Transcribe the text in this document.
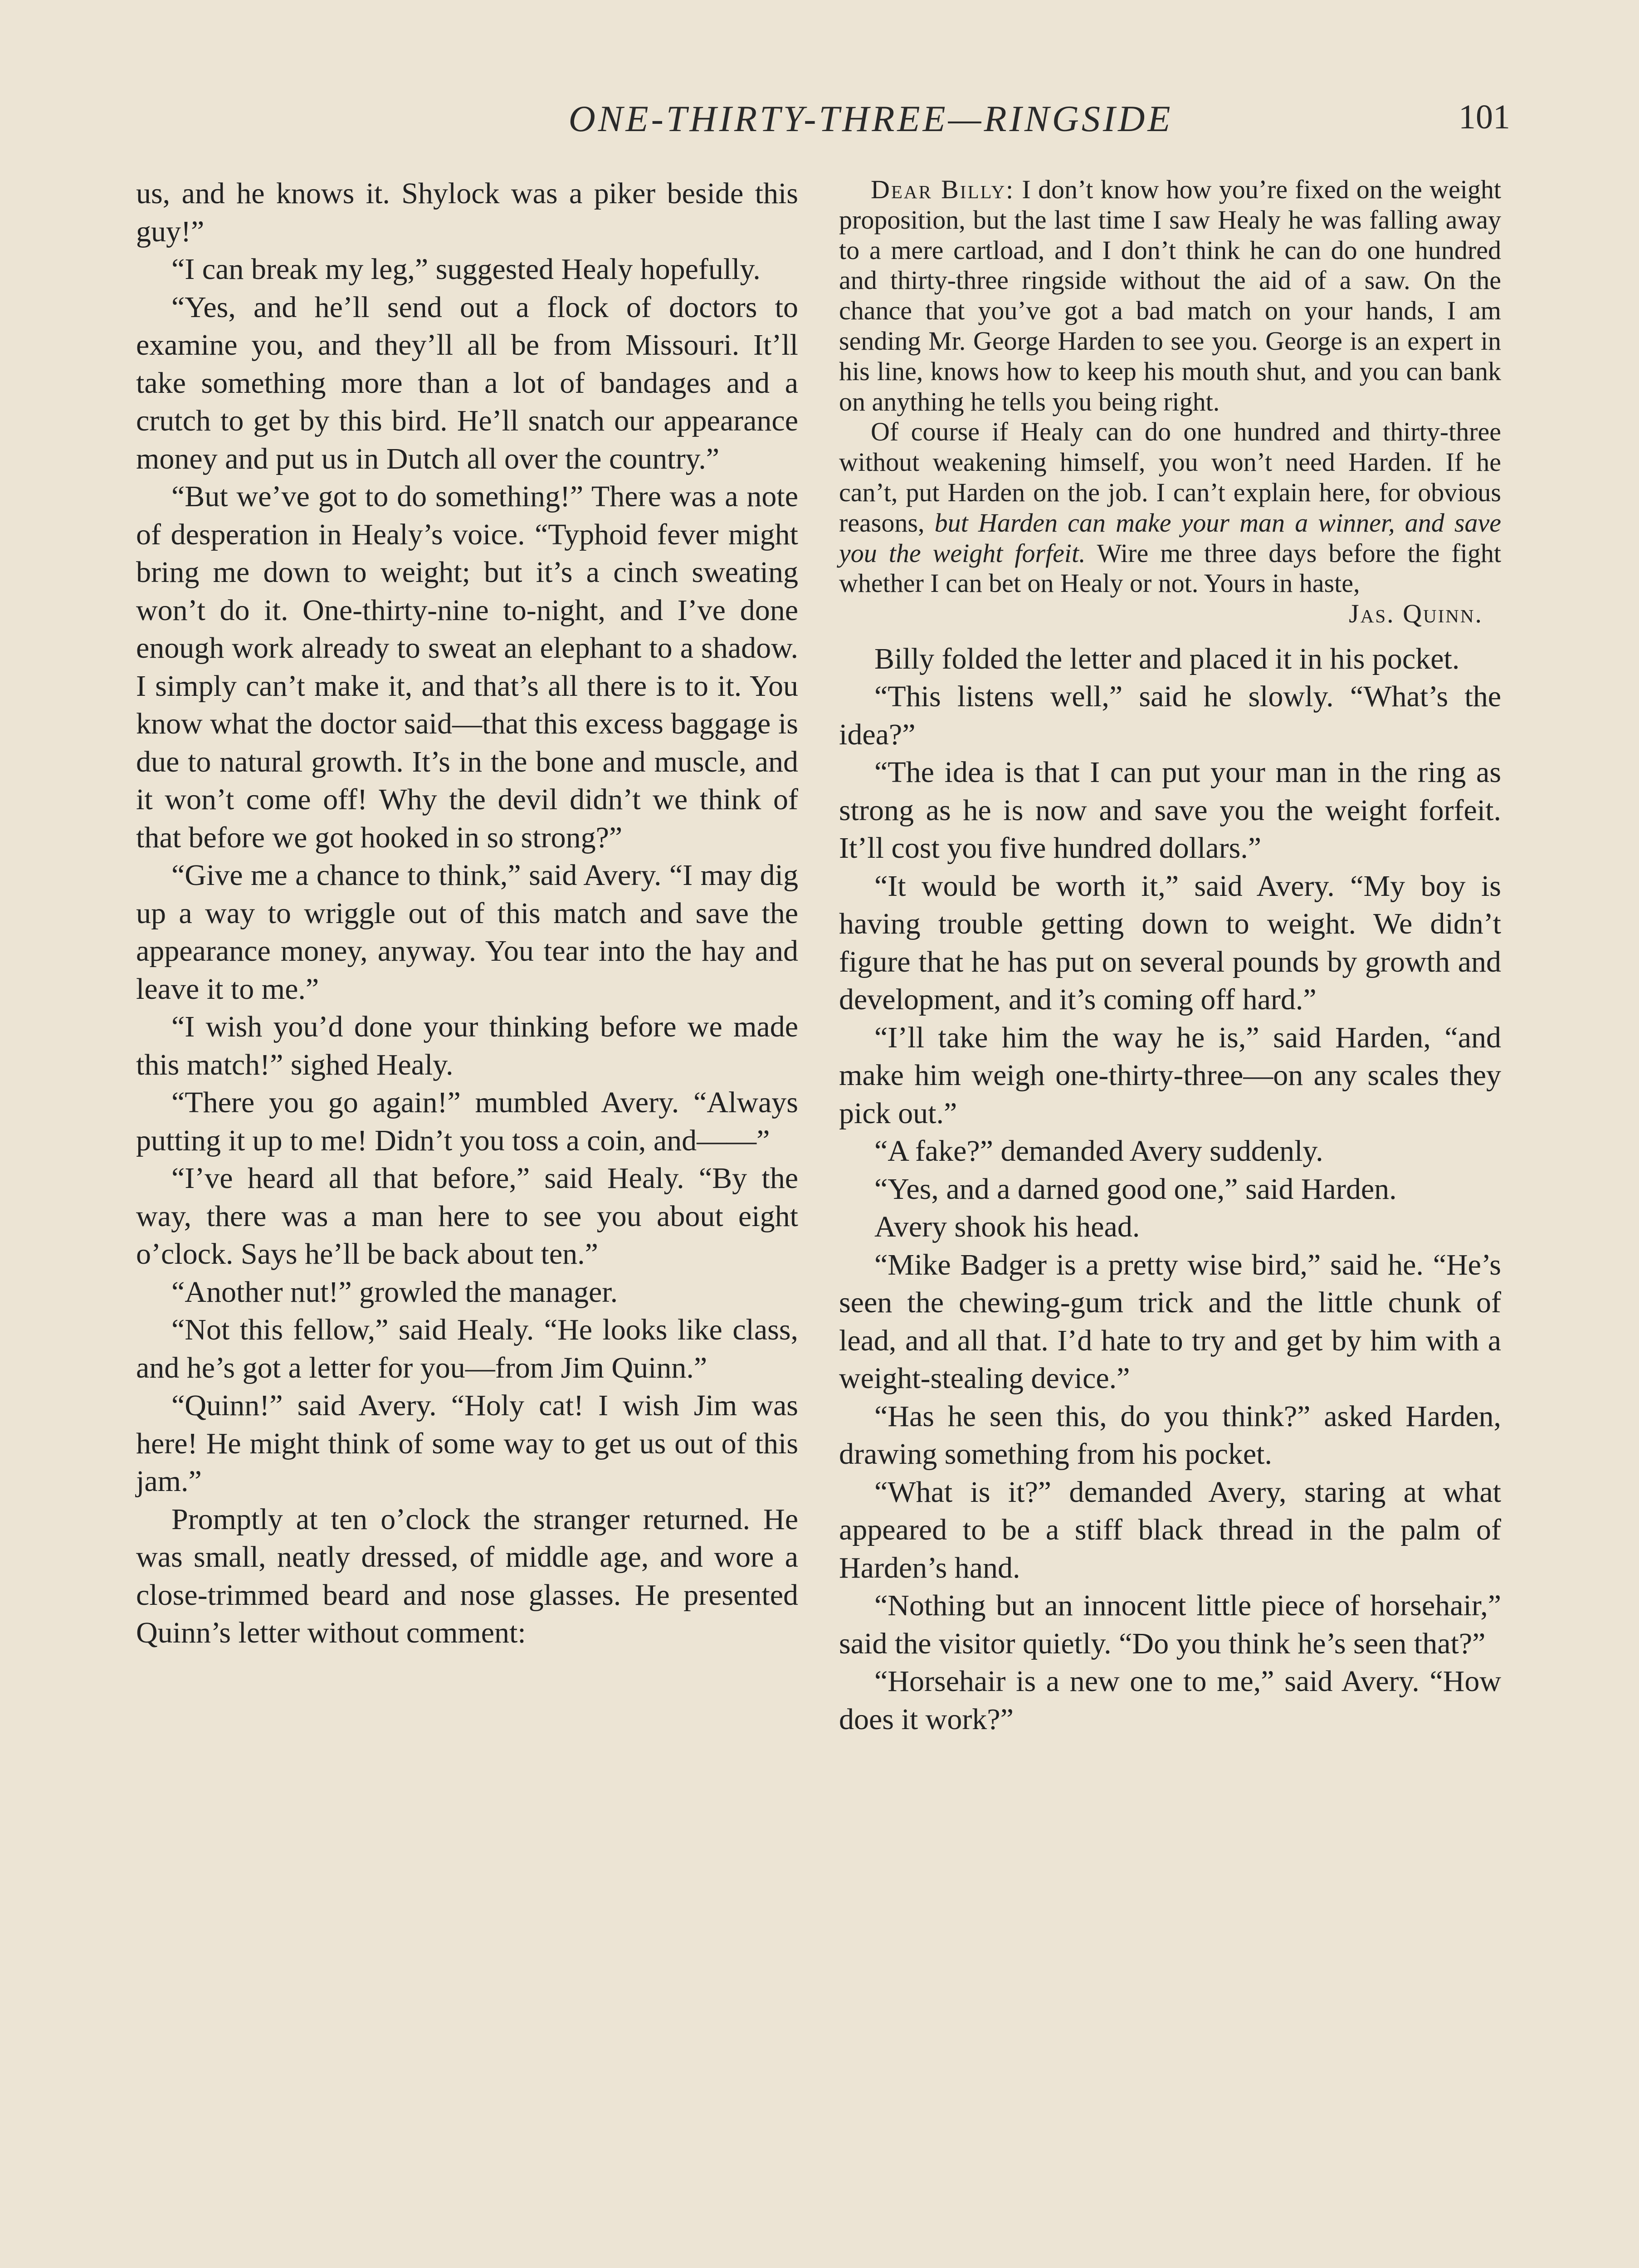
ONE-THIRTY-THREE—RINGSIDE	101

us, and he knows it. Shylock was a piker beside this guy!”

“I can break my leg,” suggested Healy hopefully.

“Yes, and he’ll send out a flock of doctors to examine you, and they’ll all be from Missouri. It’ll take something more than a lot of bandages and a crutch to get by this bird. He’ll snatch our appearance money and put us in Dutch all over the country.”

“But we’ve got to do something!” There was a note of desperation in Healy’s voice. “Typhoid fever might bring me down to weight; but it’s a cinch sweating won’t do it. One-thirty-nine to-night, and I’ve done enough work already to sweat an elephant to a shadow. I simply can’t make it, and that’s all there is to it. You know what the doctor said—that this excess baggage is due to natural growth. It’s in the bone and muscle, and it won’t come off! Why the devil didn’t we think of that before we got hooked in so strong?”

“Give me a chance to think,” said Avery. “I may dig up a way to wriggle out of this match and save the appearance money, anyway. You tear into the hay and leave it to me.”

“I wish you’d done your thinking before we made this match!” sighed Healy.

“There you go again!” mumbled Avery. “Always putting it up to me! Didn’t you toss a coin, and——”

“I’ve heard all that before,” said Healy. “By the way, there was a man here to see you about eight o’clock. Says he’ll be back about ten.”

“Another nut!” growled the manager.

“Not this fellow,” said Healy. “He looks like class, and he’s got a letter for you—from Jim Quinn.”

“Quinn!” said Avery. “Holy cat! I wish Jim was here! He might think of some way to get us out of this jam.”

Promptly at ten o’clock the stranger returned. He was small, neatly dressed, of middle age, and wore a close-trimmed beard and nose glasses. He presented Quinn’s letter without comment:

Dear Billy: I don’t know how you’re fixed on the weight proposition, but the last time I saw Healy he was falling away to a mere cartload, and I don’t think he can do one hundred and thirty-three ringside without the aid of a saw. On the chance that you’ve got a bad match on your hands, I am sending Mr. George Harden to see you. George is an expert in his line, knows how to keep his mouth shut, and you can bank on anything he tells you being right.

Of course if Healy can do one hundred and thirty-three without weakening himself, you won’t need Harden. If he can’t, put Harden on the job. I can’t explain here, for obvious reasons, but Harden can make your man a winner, and save you the weight forfeit. Wire me three days before the fight whether I can bet on Healy or not. Yours in haste,
Jas. Quinn.

Billy folded the letter and placed it in his pocket.

“This listens well,” said he slowly. “What’s the idea?”

“The idea is that I can put your man in the ring as strong as he is now and save you the weight forfeit. It’ll cost you five hundred dollars.”

“It would be worth it,” said Avery. “My boy is having trouble getting down to weight. We didn’t figure that he has put on several pounds by growth and development, and it’s coming off hard.”

“I’ll take him the way he is,” said Harden, “and make him weigh one-thirty-three—on any scales they pick out.”

“A fake?” demanded Avery suddenly.

“Yes, and a darned good one,” said Harden.

Avery shook his head.

“Mike Badger is a pretty wise bird,” said he. “He’s seen the chewing-gum trick and the little chunk of lead, and all that. I’d hate to try and get by him with a weight-stealing device.”

“Has he seen this, do you think?” asked Harden, drawing something from his pocket.

“What is it?” demanded Avery, staring at what appeared to be a stiff black thread in the palm of Harden’s hand.

“Nothing but an innocent little piece of horsehair,” said the visitor quietly. “Do you think he’s seen that?”

“Horsehair is a new one to me,” said Avery. “How does it work?”
